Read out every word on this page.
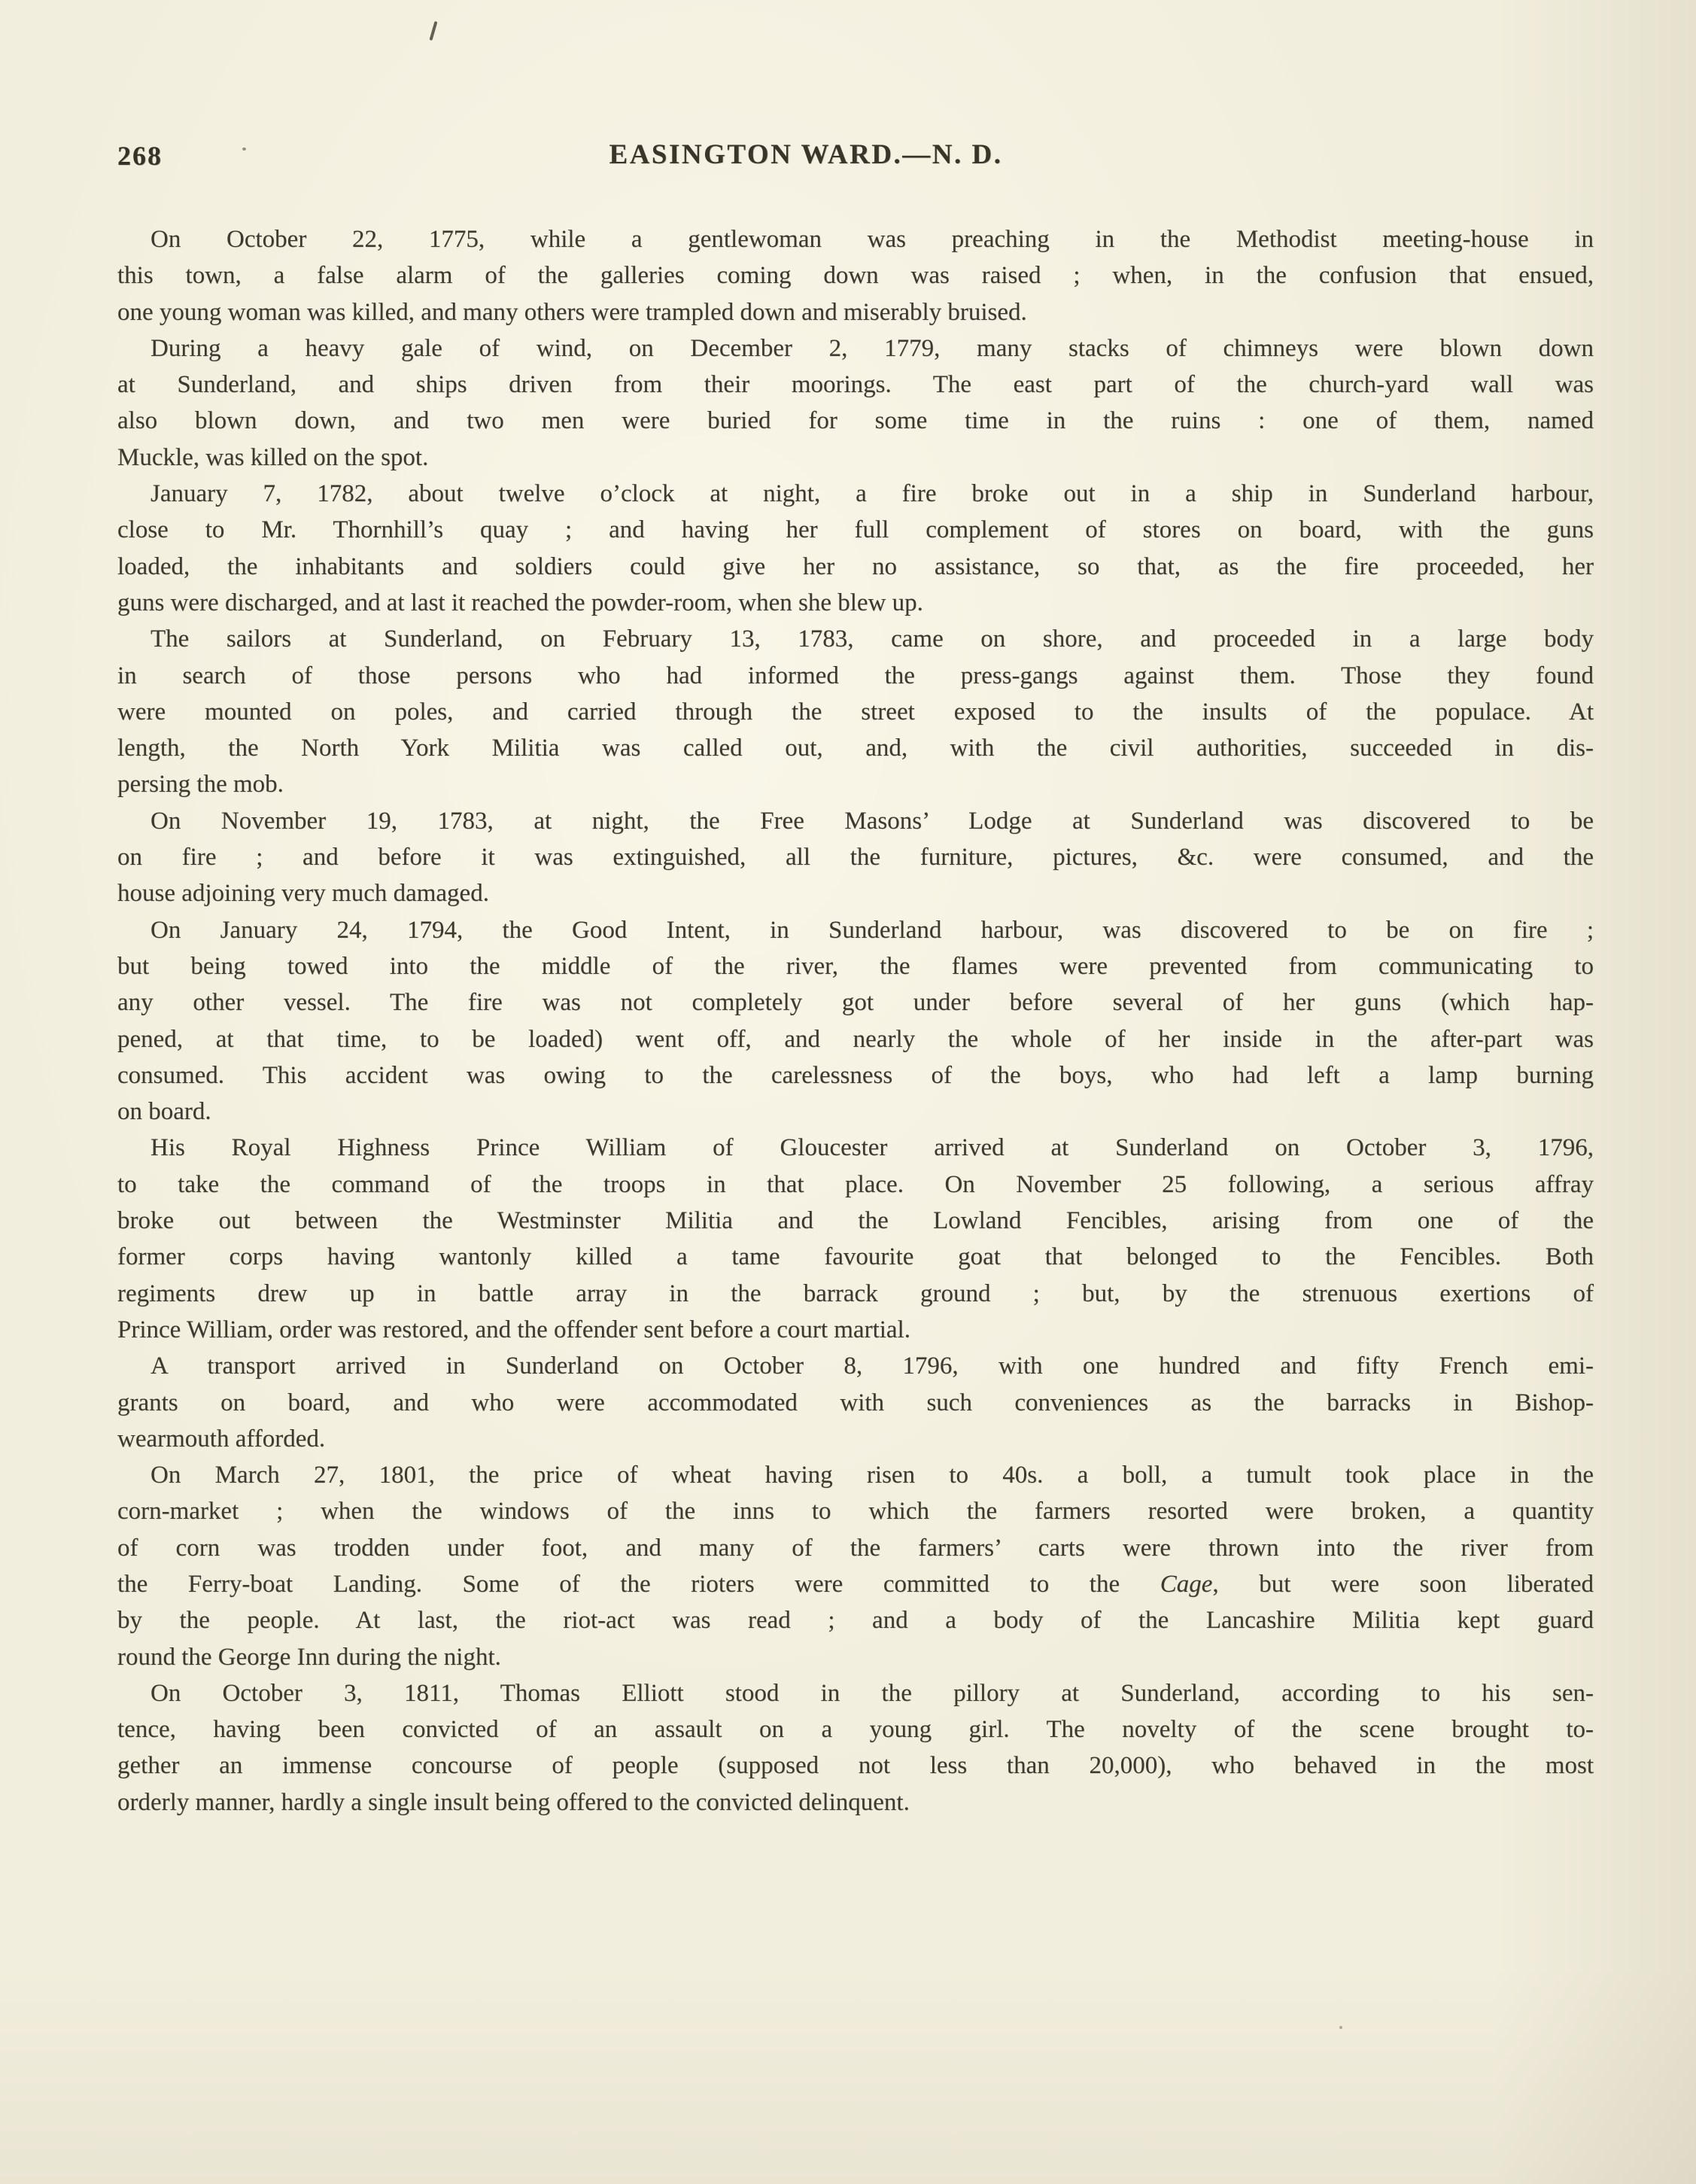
268	EASINGTON WARD.—N. D.

On October 22, 1775, while a gentlewoman was preaching in the Methodist meeting-house in
this town, a false alarm of the galleries coming down was raised ; when, in the confusion that ensued,
one young woman was killed, and many others were trampled down and miserably bruised.

During a heavy gale of wind, on December 2, 1779, many stacks of chimneys were blown down
at Sunderland, and ships driven from their moorings. The east part of the church-yard wall was
also blown down, and two men were buried for some time in the ruins : one of them, named
Muckle, was killed on the spot.

January 7, 1782, about twelve o’clock at night, a fire broke out in a ship in Sunderland harbour,
close to Mr. Thornhill’s quay ; and having her full complement of stores on board, with the guns
loaded, the inhabitants and soldiers could give her no assistance, so that, as the fire proceeded, her
guns were discharged, and at last it reached the powder-room, when she blew up.

The sailors at Sunderland, on February 13, 1783, came on shore, and proceeded in a large body
in search of those persons who had informed the press-gangs against them. Those they found
were mounted on poles, and carried through the street exposed to the insults of the populace. At
length, the North York Militia was called out, and, with the civil authorities, succeeded in dis-
persing the mob.

On November 19, 1783, at night, the Free Masons’ Lodge at Sunderland was discovered to be
on fire ; and before it was extinguished, all the furniture, pictures, &c. were consumed, and the
house adjoining very much damaged.

On January 24, 1794, the Good Intent, in Sunderland harbour, was discovered to be on fire ;
but being towed into the middle of the river, the flames were prevented from communicating to
any other vessel. The fire was not completely got under before several of her guns (which hap-
pened, at that time, to be loaded) went off, and nearly the whole of her inside in the after-part was
consumed. This accident was owing to the carelessness of the boys, who had left a lamp burning
on board.

His Royal Highness Prince William of Gloucester arrived at Sunderland on October 3, 1796,
to take the command of the troops in that place. On November 25 following, a serious affray
broke out between the Westminster Militia and the Lowland Fencibles, arising from one of the
former corps having wantonly killed a tame favourite goat that belonged to the Fencibles. Both
regiments drew up in battle array in the barrack ground ; but, by the strenuous exertions of
Prince William, order was restored, and the offender sent before a court martial.

A transport arrived in Sunderland on October 8, 1796, with one hundred and fifty French emi-
grants on board, and who were accommodated with such conveniences as the barracks in Bishop-
wearmouth afforded.

On March 27, 1801, the price of wheat having risen to 40s. a boll, a tumult took place in the
corn-market ; when the windows of the inns to which the farmers resorted were broken, a quantity
of corn was trodden under foot, and many of the farmers’ carts were thrown into the river from
the Ferry-boat Landing. Some of the rioters were committed to the Cage, but were soon liberated
by the people. At last, the riot-act was read ; and a body of the Lancashire Militia kept guard
round the George Inn during the night.

On October 3, 1811, Thomas Elliott stood in the pillory at Sunderland, according to his sen-
tence, having been convicted of an assault on a young girl. The novelty of the scene brought to-
gether an immense concourse of people (supposed not less than 20,000), who behaved in the most
orderly manner, hardly a single insult being offered to the convicted delinquent.
